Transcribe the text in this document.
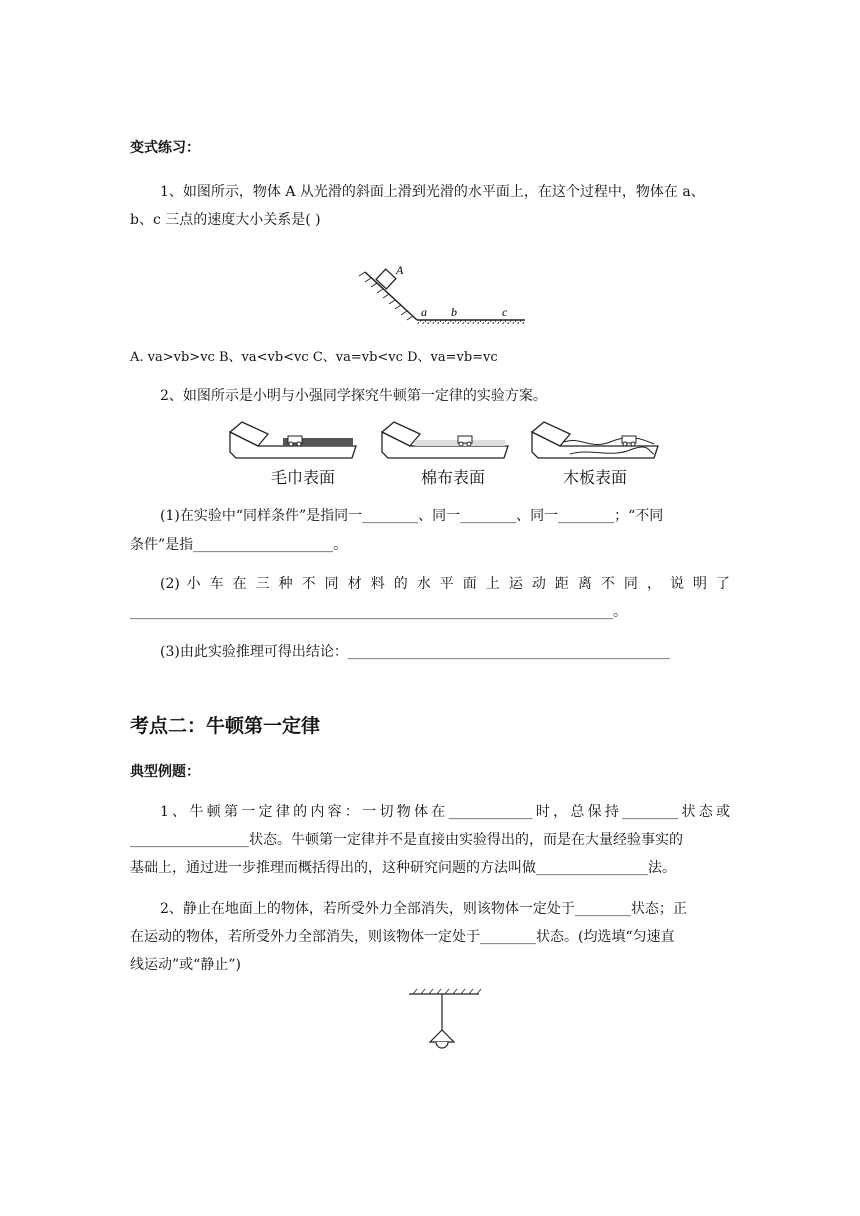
变式练习：
1、如图所示，物体 A 从光滑的斜面上滑到光滑的水平面上，在这个过程中，物体在 a、
b、c 三点的速度大小关系是( )
A
a b	c
A. va>vb>vc B、va<vb<vc C、va=vb<vc D、va=vb=vc
2、如图所示是小明与小强同学探究牛顿第一定律的实验方案。
毛巾表面	棉布表面	木板表面
(1)在实验中“同样条件”是指同一________、同一________、同一________；“不同
条件”是指____________________。
(2) 小 车 在 三 种 不 同 材 料 的 水 平 面 上 运 动 距 离 不 同 ， 说 明 了
_____________________________________________________________________。
(3)由此实验推理可得出结论：______________________________________________
考点二：牛顿第一定律
典型例题：
1、牛顿第一定律的内容：一切物体在____________时，总保持________状态或
_________________状态。牛顿第一定律并不是直接由实验得出的，而是在大量经验事实的
基础上，通过进一步推理而概括得出的，这种研究问题的方法叫做________________法。
2、静止在地面上的物体，若所受外力全部消失，则该物体一定处于________状态；正
在运动的物体，若所受外力全部消失，则该物体一定处于________状态。(均选填“匀速直
线运动”或“静止”)
